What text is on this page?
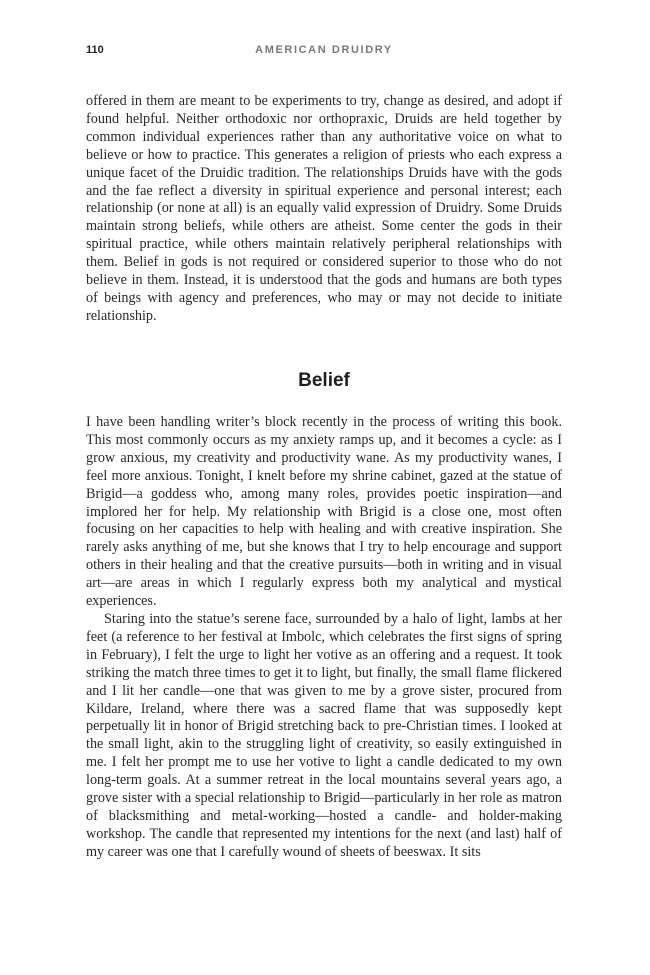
110	AMERICAN DRUIDRY

offered in them are meant to be experiments to try, change as desired, and adopt if found helpful. Neither orthodoxic nor orthopraxic, Druids are held together by common individual experiences rather than any authoritative voice on what to believe or how to practice. This generates a religion of priests who each express a unique facet of the Druidic tradition. The relationships Druids have with the gods and the fae reflect a diversity in spiritual experience and personal interest; each relationship (or none at all) is an equally valid expression of Druidry. Some Druids maintain strong beliefs, while others are atheist. Some center the gods in their spiritual practice, while others maintain relatively peripheral relationships with them. Belief in gods is not required or considered superior to those who do not believe in them. Instead, it is understood that the gods and humans are both types of beings with agency and preferences, who may or may not decide to initiate relationship.

Belief

I have been handling writer’s block recently in the process of writing this book. This most commonly occurs as my anxiety ramps up, and it becomes a cycle: as I grow anxious, my creativity and productivity wane. As my productivity wanes, I feel more anxious. Tonight, I knelt before my shrine cabinet, gazed at the statue of Brigid—a goddess who, among many roles, provides poetic inspiration—and implored her for help. My relationship with Brigid is a close one, most often focusing on her capacities to help with healing and with creative inspiration. She rarely asks anything of me, but she knows that I try to help encourage and support others in their healing and that the creative pursuits—both in writing and in visual art—are areas in which I regularly express both my analytical and mystical experiences.

Staring into the statue’s serene face, surrounded by a halo of light, lambs at her feet (a reference to her festival at Imbolc, which celebrates the first signs of spring in February), I felt the urge to light her votive as an offering and a request. It took striking the match three times to get it to light, but finally, the small flame flickered and I lit her candle—one that was given to me by a grove sister, procured from Kildare, Ireland, where there was a sacred flame that was supposedly kept perpetually lit in honor of Brigid stretching back to pre-Christian times. I looked at the small light, akin to the struggling light of creativity, so easily extinguished in me. I felt her prompt me to use her votive to light a candle dedicated to my own long-term goals. At a summer retreat in the local mountains several years ago, a grove sister with a special relationship to Brigid—particularly in her role as matron of blacksmithing and metal-working—hosted a candle- and holder-making workshop. The candle that represented my intentions for the next (and last) half of my career was one that I carefully wound of sheets of beeswax. It sits
